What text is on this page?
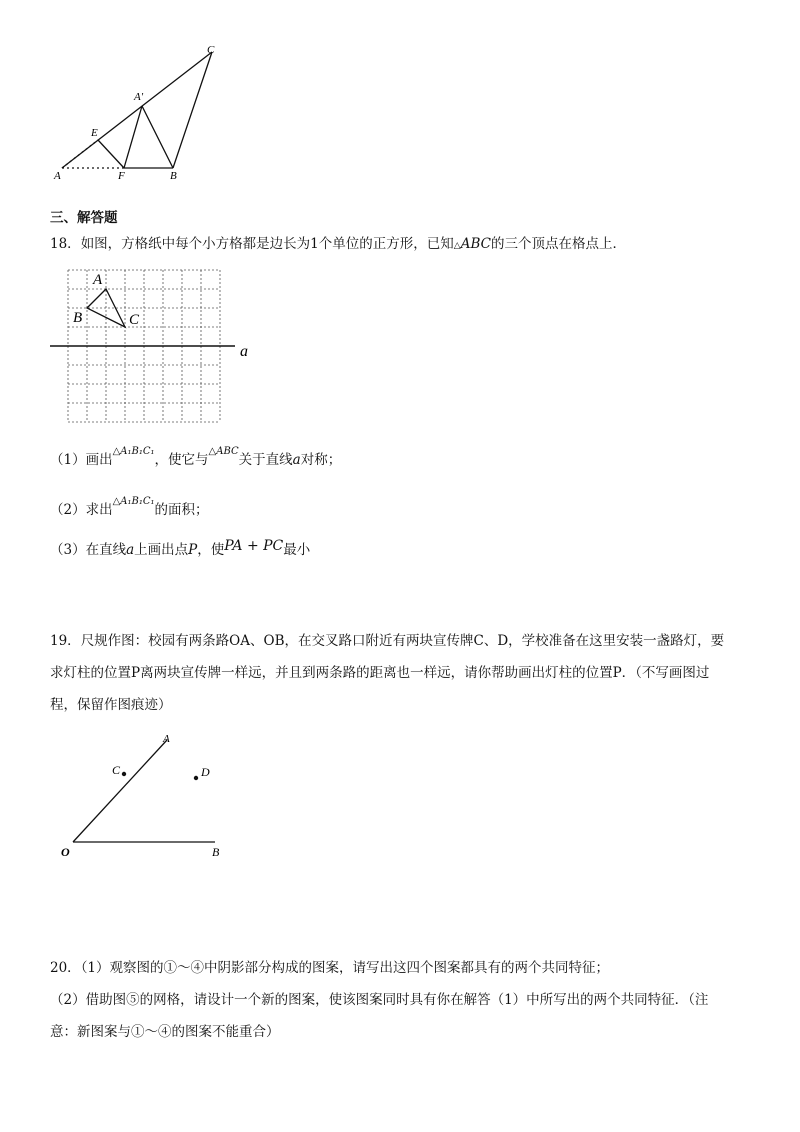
C
A'
E
A	F	B
三、解答题
18．如图，方格纸中每个小方格都是边长为1个单位的正方形，已知△ABC的三个顶点在格点上．
A
B	C
a
（1）画出$^{\triangle A_1B_1C_1}$，使它与$^{\triangle ABC}$关于直线a对称；
（2）求出$^{\triangle A_1B_1C_1}$的面积；
（3）在直线a上画出点P，使PA + PC最小
19．尺规作图：校园有两条路OA、OB，在交叉路口附近有两块宣传牌C、D，学校准备在这里安装一盏路灯，要
求灯柱的位置P离两块宣传牌一样远，并且到两条路的距离也一样远，请你帮助画出灯柱的位置P．（不写画图过
程，保留作图痕迹）
A
C	D
O	B
20．（1）观察图的①～④中阴影部分构成的图案，请写出这四个图案都具有的两个共同特征；
（2）借助图⑤的网格，请设计一个新的图案，使该图案同时具有你在解答（1）中所写出的两个共同特征．（注
意：新图案与①～④的图案不能重合）
